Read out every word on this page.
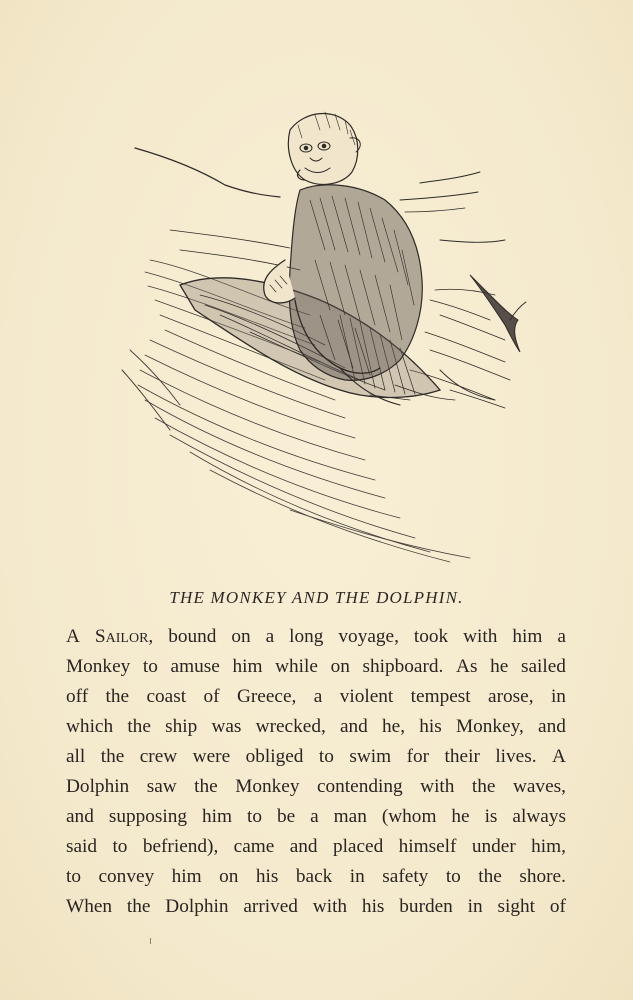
THE MONKEY AND THE DOLPHIN.
A Sailor, bound on a long voyage, took with him a
Monkey to amuse him while on shipboard. As he sailed
off the coast of Greece, a violent tempest arose, in
which the ship was wrecked, and he, his Monkey, and
all the crew were obliged to swim for their lives. A
Dolphin saw the Monkey contending with the waves,
and supposing him to be a man (whom he is always
said to befriend), came and placed himself under him,
to convey him on his back in safety to the shore.
When the Dolphin arrived with his burden in sight of
